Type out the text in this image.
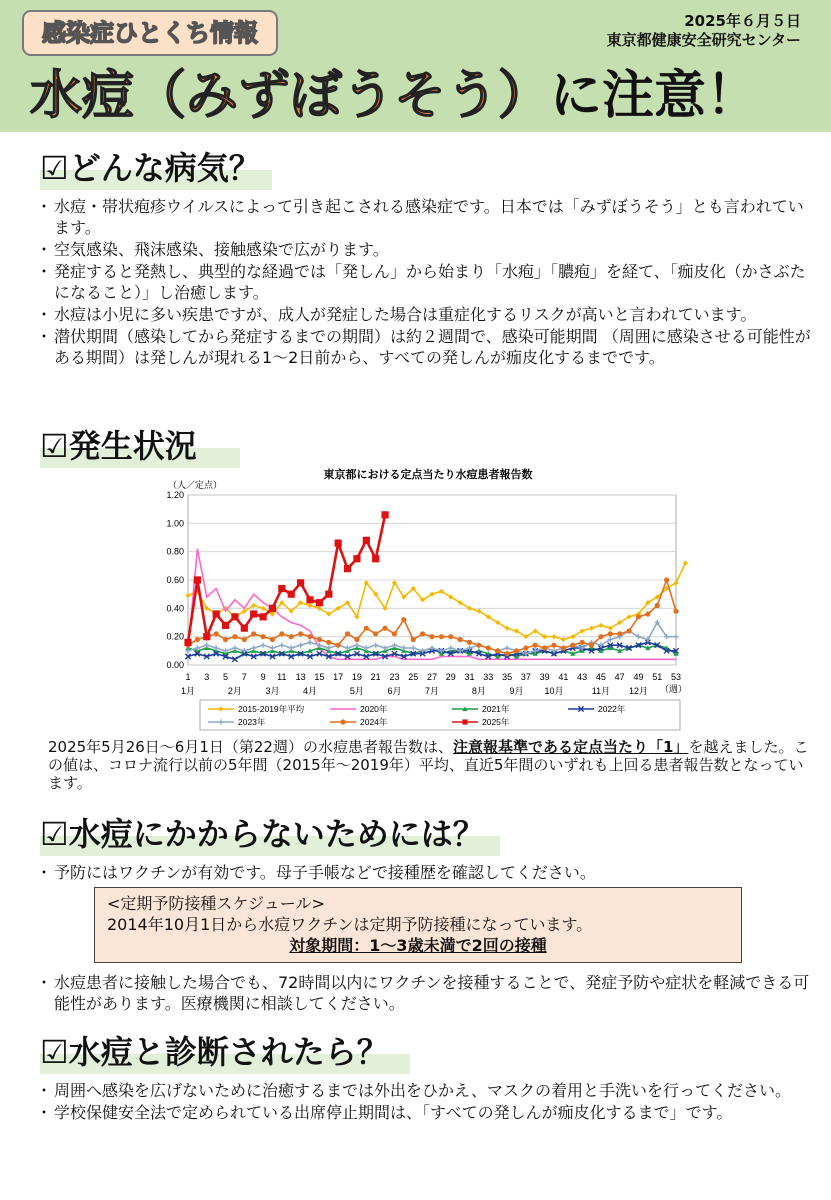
感染症ひとくち情報	2025年６月５日
東京都健康安全研究センター
水痘（みずぼうそう）に注意！
☑どんな病気？
・ 水痘・帯状疱疹ウイルスによって引き起こされる感染症です。日本では「みずぼうそう」とも言われています。
・ 空気感染、飛沫感染、接触感染で広がります。
・ 発症すると発熱し、典型的な経過では「発しん」から始まり「水疱」「膿疱」を経て、「痂皮化（かさぶたになること）」し治癒します。
・ 水痘は小児に多い疾患ですが、成人が発症した場合は重症化するリスクが高いと言われています。
・ 潜伏期間（感染してから発症するまでの期間）は約２週間で、感染可能期間 （周囲に感染させる可能性がある期間）は発しんが現れる1～2日前から、すべての発しんが痂皮化するまでです。
☑発生状況
東京都における定点当たり水痘患者報告数
（人／定点）
（週）
0.00
0.20
0.40
0.60
0.80
1.00
1.20
1 3 5 7 9 11 13 15 17 19 21 23 25 27 29 31 33 35 37 39 41 43 45 47 49 51 53
1月	2月	3月	4月	5月	6月	7月	8月	9月 10月	11月 12月
2015-2019年平均	2020年	2021年	2022年
2023年	2024年	2025年
2025年5月26日～6月1日（第22週）の水痘患者報告数は、注意報基準である定点当たり「1」を越えました。この値は、コロナ流行以前の5年間（2015年～2019年）平均、直近5年間のいずれも上回る患者報告数となっています。
☑水痘にかからないためには？
・ 予防にはワクチンが有効です。母子手帳などで接種歴を確認してください。
<定期予防接種スケジュール>
2014年10月1日から水痘ワクチンは定期予防接種になっています。
対象期間：1～3歳未満で2回の接種
・ 水痘患者に接触した場合でも、72時間以内にワクチンを接種することで、発症予防や症状を軽減できる可能性があります。医療機関に相談してください。
☑水痘と診断されたら？
・ 周囲へ感染を広げないために治癒するまでは外出をひかえ、マスクの着用と手洗いを行ってください。
・ 学校保健安全法で定められている出席停止期間は、「すべての発しんが痂皮化するまで」です。
